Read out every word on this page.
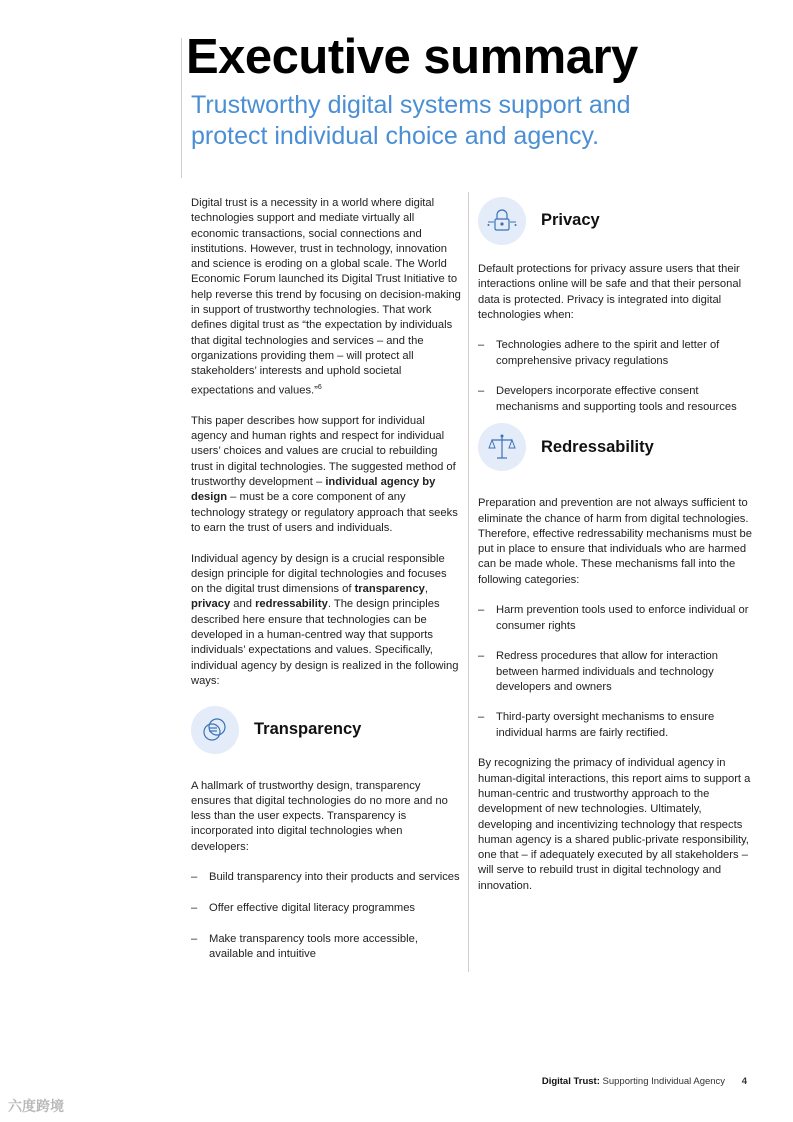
Executive summary
Trustworthy digital systems support and protect individual choice and agency.

Digital trust is a necessity in a world where digital technologies support and mediate virtually all economic transactions, social connections and institutions. However, trust in technology, innovation and science is eroding on a global scale. The World Economic Forum launched its Digital Trust Initiative to help reverse this trend by focusing on decision-making in support of trustworthy technologies. That work defines digital trust as “the expectation by individuals that digital technologies and services – and the organizations providing them – will protect all stakeholders’ interests and uphold societal expectations and values.”$^6$

This paper describes how support for individual agency and human rights and respect for individual users’ choices and values are crucial to rebuilding trust in digital technologies. The suggested method of trustworthy development – individual agency by design – must be a core component of any technology strategy or regulatory approach that seeks to earn the trust of users and individuals.

Individual agency by design is a crucial responsible design principle for digital technologies and focuses on the digital trust dimensions of transparency, privacy and redressability. The design principles described here ensure that technologies can be developed in a human-centred way that supports individuals’ expectations and values. Specifically, individual agency by design is realized in the following ways:

Transparency

A hallmark of trustworthy design, transparency ensures that digital technologies do no more and no less than the user expects. Transparency is incorporated into digital technologies when developers:

– Build transparency into their products and services
– Offer effective digital literacy programmes
– Make transparency tools more accessible, available and intuitive
Privacy

Default protections for privacy assure users that their interactions online will be safe and that their personal data is protected. Privacy is integrated into digital technologies when:

– Technologies adhere to the spirit and letter of comprehensive privacy regulations
– Developers incorporate effective consent mechanisms and supporting tools and resources
Redressability

Preparation and prevention are not always sufficient to eliminate the chance of harm from digital technologies. Therefore, effective redressability mechanisms must be put in place to ensure that individuals who are harmed can be made whole. These mechanisms fall into the following categories:

– Harm prevention tools used to enforce individual or consumer rights
– Redress procedures that allow for interaction between harmed individuals and technology developers and owners
– Third-party oversight mechanisms to ensure individual harms are fairly rectified.

By recognizing the primacy of individual agency in human-digital interactions, this report aims to support a human-centric and trustworthy approach to the development of new technologies. Ultimately, developing and incentivizing technology that respects human agency is a shared public-private responsibility, one that – if adequately executed by all stakeholders – will serve to rebuild trust in digital technology and innovation.

Digital Trust: Supporting Individual Agency 4
六度跨境
